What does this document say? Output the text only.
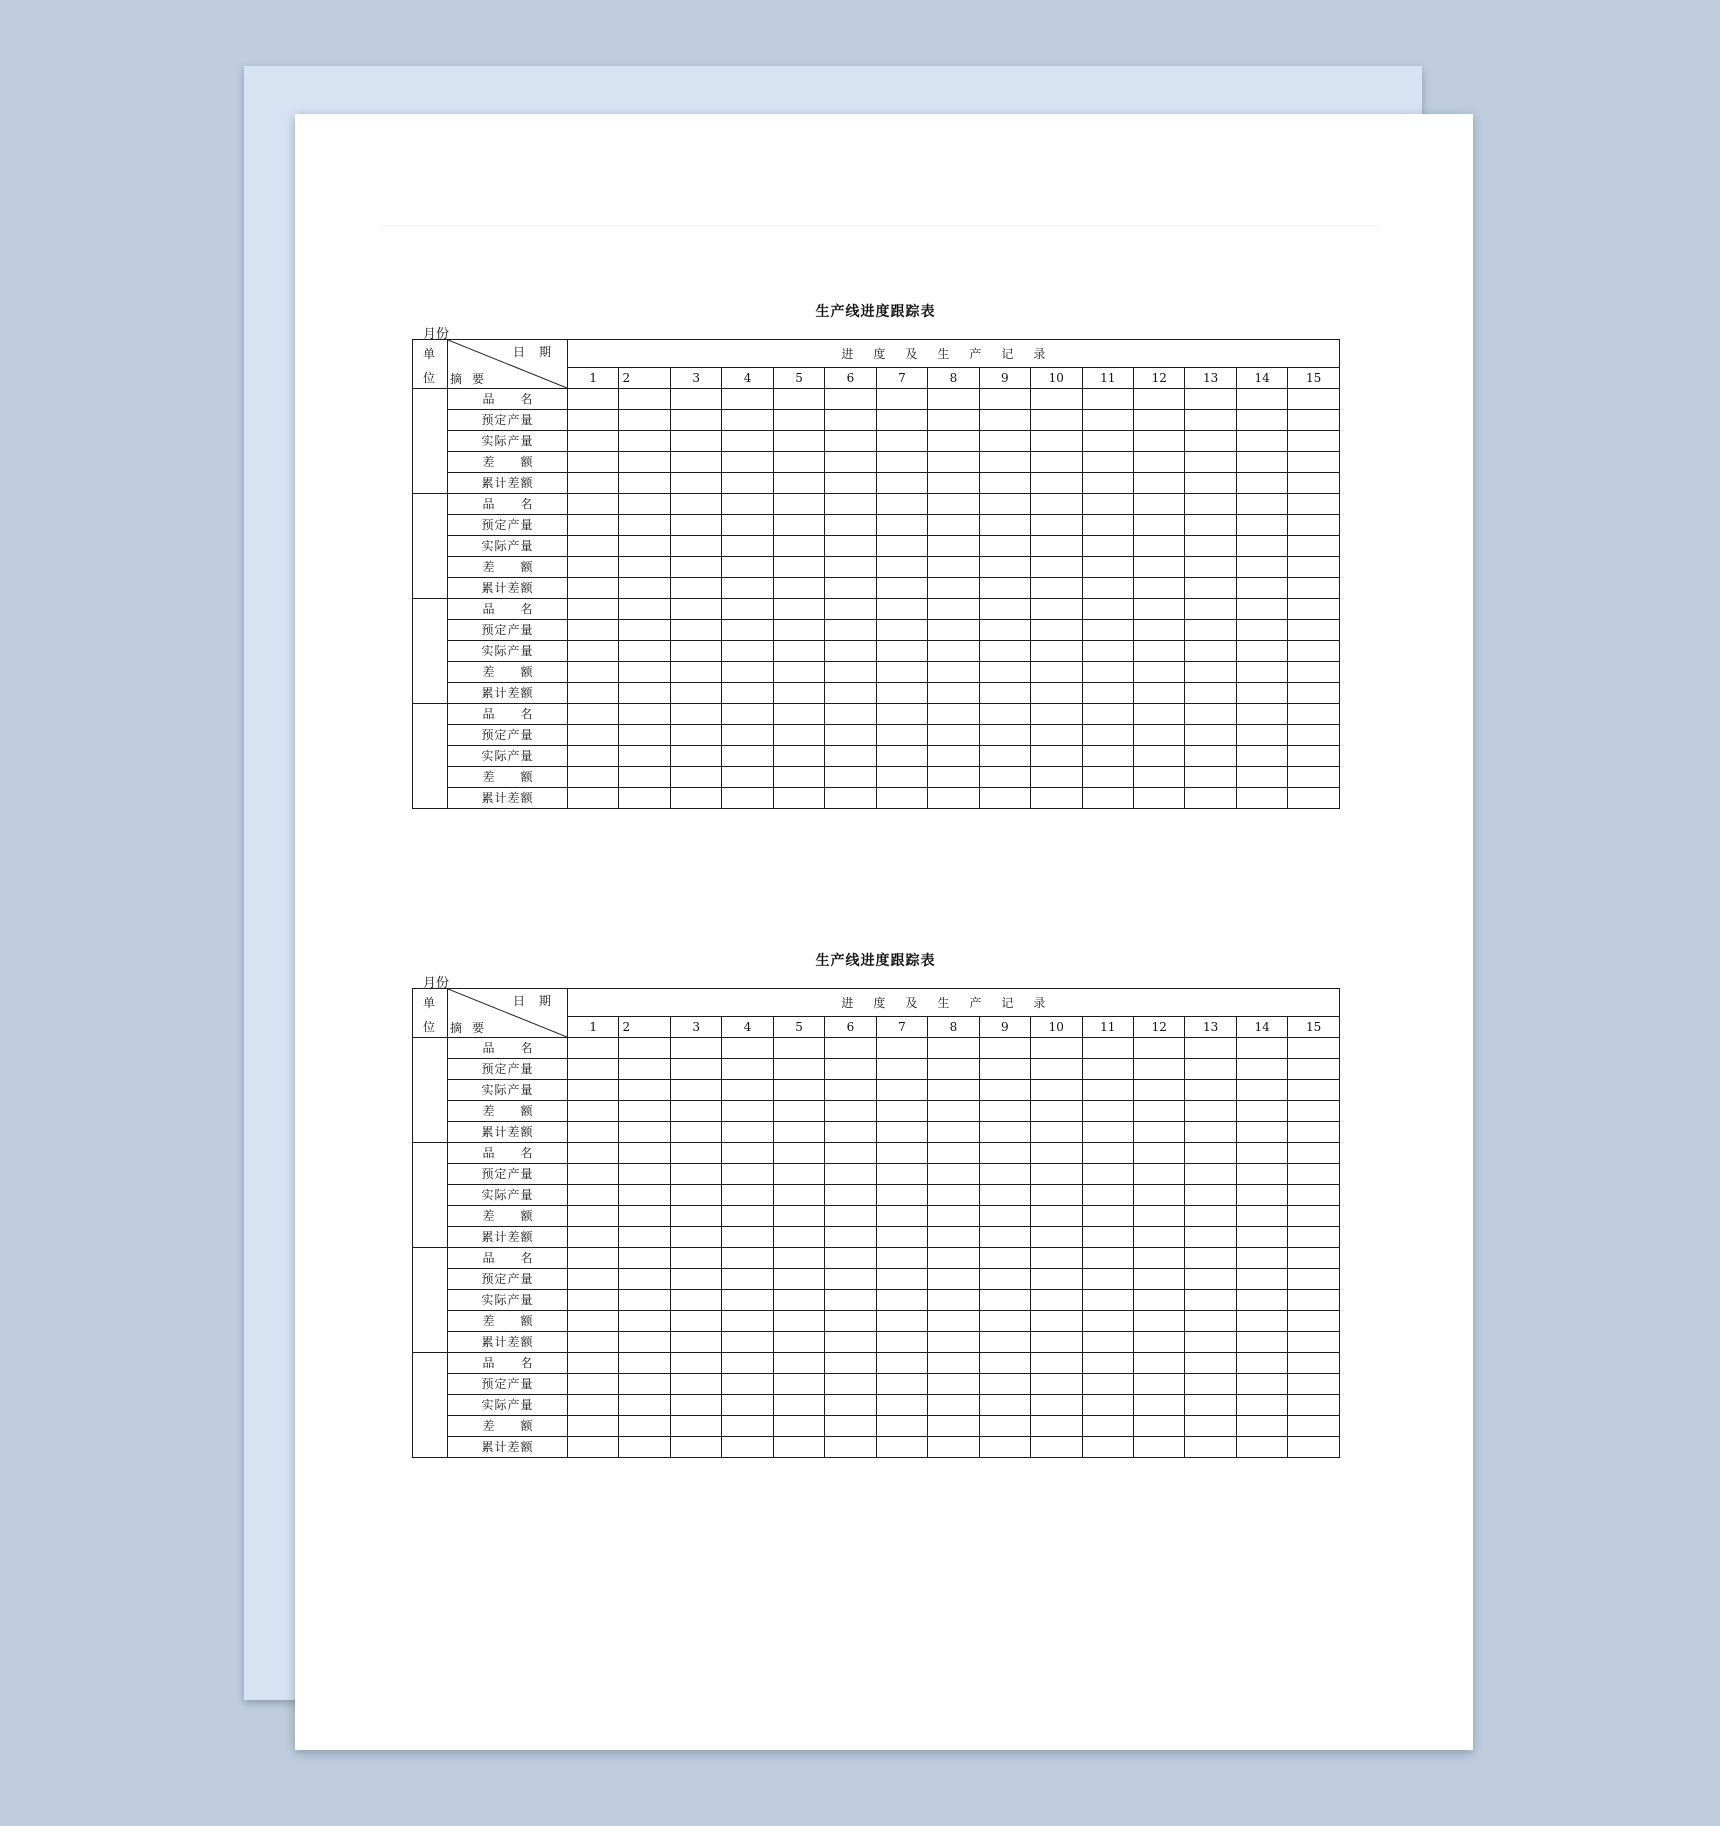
生产线进度跟踪表
月份
单	日期
摘要	进度及生产记录														
位		1	2	3	4	5	6	7	8	9	10	11	12	13	14	15
	品名															
	预定产量															
	实际产量															
	差额															
	累计差额															
	品名															
	预定产量															
	实际产量															
	差额															
	累计差额															
	品名															
	预定产量															
	实际产量															
	差额															
	累计差额															
	品名															
	预定产量															
	实际产量															
	差额															
	累计差额															
生产线进度跟踪表
月份
单	日期
摘要	进度及生产记录														
位		1	2	3	4	5	6	7	8	9	10	11	12	13	14	15
	品名															
	预定产量															
	实际产量															
	差额															
	累计差额															
	品名															
	预定产量															
	实际产量															
	差额															
	累计差额															
	品名															
	预定产量															
	实际产量															
	差额															
	累计差额															
	品名															
	预定产量															
	实际产量															
	差额															
	累计差额															
